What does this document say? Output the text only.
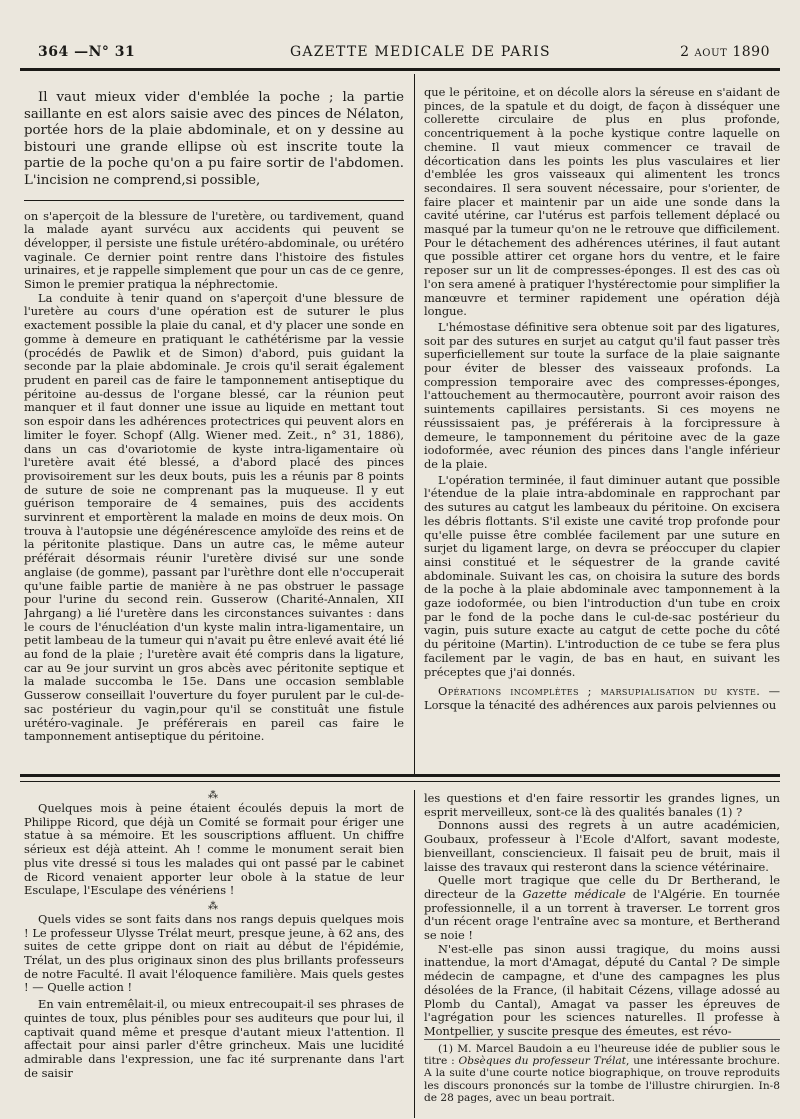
364 —N° 31	GAZETTE MEDICALE DE PARIS	2 AOUT 1890

Il vaut mieux vider d'emblée la poche ; la partie saillante en est alors saisie avec des pinces de Nélaton, portée hors de la plaie abdominale, et on y dessine au bistouri une grande ellipse où est inscrite toute la partie de la poche qu'on a pu faire sortir de l'abdomen. L'incision ne comprend,si possible,

on s'aperçoit de la blessure de l'uretère, ou tardivement, quand la malade ayant survécu aux accidents qui peuvent se développer, il persiste une fistule urétéro-abdominale, ou urétéro vaginale. Ce dernier point rentre dans l'histoire des fistules urinaires, et je rappelle simplement que pour un cas de ce genre, Simon le premier pratiqua la néphrectomie.

La conduite à tenir quand on s'aperçoit d'une blessure de l'uretère au cours d'une opération est de suturer le plus exactement possible la plaie du canal, et d'y placer une sonde en gomme à demeure en pratiquant le cathétérisme par la vessie (procédés de Pawlik et de Simon) d'abord, puis guidant la seconde par la plaie abdominale. Je crois qu'il serait également prudent en pareil cas de faire le tamponnement antiseptique du péritoine au-dessus de l'organe blessé, car la réunion peut manquer et il faut donner une issue au liquide en mettant tout son espoir dans les adhérences protectrices qui peuvent alors en limiter le foyer. Schopf (Allg. Wiener med. Zeit., n° 31, 1886), dans un cas d'ovariotomie de kyste intra-ligamentaire où l'uretère avait été blessé, a d'abord placé des pinces provisoirement sur les deux bouts, puis les a réunis par 8 points de suture de soie ne comprenant pas la muqueuse. Il y eut guérison temporaire de 4 semaines, puis des accidents survinrent et emportèrent la malade en moins de deux mois. On trouva à l'autopsie une dégénérescence amyloïde des reins et de la péritonite plastique. Dans un autre cas, le même auteur préférait désormais réunir l'uretère divisé sur une sonde anglaise (de gomme), passant par l'urèthre dont elle n'occuperait qu'une faible partie de manière à ne pas obstruer le passage pour l'urine du second rein. Gusserow (Charité-Annalen, XII Jahrgang) a lié l'uretère dans les circonstances suivantes : dans le cours de l'énucléation d'un kyste malin intra-ligamentaire, un petit lambeau de la tumeur qui n'avait pu être enlevé avait été lié au fond de la plaie ; l'uretère avait été compris dans la ligature, car au 9e jour survint un gros abcès avec péritonite septique et la malade succomba le 15e. Dans une occasion semblable Gusserow conseillait l'ouverture du foyer purulent par le cul-de-sac postérieur du vagin,pour qu'il se constituât une fistule urétéro-vaginale. Je préférerais en pareil cas faire le tamponnement antiseptique du péritoine.

que le péritoine, et on décolle alors la séreuse en s'aidant de pinces, de la spatule et du doigt, de façon à disséquer une collerette circulaire de plus en plus profonde, concentriquement à la poche kystique contre laquelle on chemine. Il vaut mieux commencer ce travail de décortication dans les points les plus vasculaires et lier d'emblée les gros vaisseaux qui alimentent les troncs secondaires. Il sera souvent nécessaire, pour s'orienter, de faire placer et maintenir par un aide une sonde dans la cavité utérine, car l'utérus est parfois tellement déplacé ou masqué par la tumeur qu'on ne le retrouve que difficilement. Pour le détachement des adhérences utérines, il faut autant que possible attirer cet organe hors du ventre, et le faire reposer sur un lit de compresses-éponges. Il est des cas où l'on sera amené à pratiquer l'hystérectomie pour simplifier la manœuvre et terminer rapidement une opération déjà longue.

L'hémostase définitive sera obtenue soit par des ligatures, soit par des sutures en surjet au catgut qu'il faut passer très superficiellement sur toute la surface de la plaie saignante pour éviter de blesser des vaisseaux profonds. La compression temporaire avec des compresses-éponges, l'attouchement au thermocautère, pourront avoir raison des suintements capillaires persistants. Si ces moyens ne réussissaient pas, je préférerais à la forcipressure à demeure, le tamponnement du péritoine avec de la gaze iodoformée, avec réunion des pinces dans l'angle inférieur de la plaie.

L'opération terminée, il faut diminuer autant que possible l'étendue de la plaie intra-abdominale en rapprochant par des sutures au catgut les lambeaux du péritoine. On excisera les débris flottants. S'il existe une cavité trop profonde pour qu'elle puisse être comblée facilement par une suture en surjet du ligament large, on devra se préoccuper du clapier ainsi constitué et le séquestrer de la grande cavité abdominale. Suivant les cas, on choisira la suture des bords de la poche à la plaie abdominale avec tamponnement à la gaze iodoformée, ou bien l'introduction d'un tube en croix par le fond de la poche dans le cul-de-sac postérieur du vagin, puis suture exacte au catgut de cette poche du côté du péritoine (Martin). L'introduction de ce tube se fera plus facilement par le vagin, de bas en haut, en suivant les préceptes que j'ai donnés.

Opérations incomplètes ; marsupialisation du kyste. — Lorsque la ténacité des adhérences aux parois pelviennes ou

⁂

Quelques mois à peine étaient écoulés depuis la mort de Philippe Ricord, que déjà un Comité se formait pour ériger une statue à sa mémoire. Et les souscriptions affluent. Un chiffre sérieux est déjà atteint. Ah ! comme le monument serait bien plus vite dressé si tous les malades qui ont passé par le cabinet de Ricord venaient apporter leur obole à la statue de leur Esculape, l'Esculape des vénériens !

⁂

Quels vides se sont faits dans nos rangs depuis quelques mois ! Le professeur Ulysse Trélat meurt, presque jeune, à 62 ans, des suites de cette grippe dont on riait au début de l'épidémie, Trélat, un des plus originaux sinon des plus brillants professeurs de notre Faculté. Il avait l'éloquence familière. Mais quels gestes ! — Quelle action !

En vain entremêlait-il, ou mieux entrecoupait-il ses phrases de quintes de toux, plus pénibles pour ses auditeurs que pour lui, il captivait quand même et presque d'autant mieux l'attention. Il affectait pour ainsi parler d'être grincheux. Mais une lucidité admirable dans l'expression, une fac ité surprenante dans l'art de saisir

les questions et d'en faire ressortir les grandes lignes, un esprit merveilleux, sont-ce là des qualités banales (1) ?

Donnons aussi des regrets à un autre académicien, Goubaux, professeur à l'Ecole d'Alfort, savant modeste, bienveillant, consciencieux. Il faisait peu de bruit, mais il laisse des travaux qui resteront dans la science vétérinaire.

Quelle mort tragique que celle du Dr Bertherand, le directeur de la Gazette médicale de l'Algérie. En tournée professionnelle, il a un torrent à traverser. Le torrent gros d'un récent orage l'entraîne avec sa monture, et Bertherand se noie !

N'est-elle pas sinon aussi tragique, du moins aussi inattendue, la mort d'Amagat, député du Cantal ? De simple médecin de campagne, et d'une des campagnes les plus désolées de la France, (il habitait Cézens, village adossé au Plomb du Cantal), Amagat va passer les épreuves de l'agrégation pour les sciences naturelles. Il professe à Montpellier, y suscite presque des émeutes, est révo-

(1) M. Marcel Baudoin a eu l'heureuse idée de publier sous le titre : Obsèques du professeur Trélat, une intéressante brochure. A la suite d'une courte notice biographique, on trouve reproduits les discours prononcés sur la tombe de l'illustre chirurgien. In-8 de 28 pages, avec un beau portrait.
